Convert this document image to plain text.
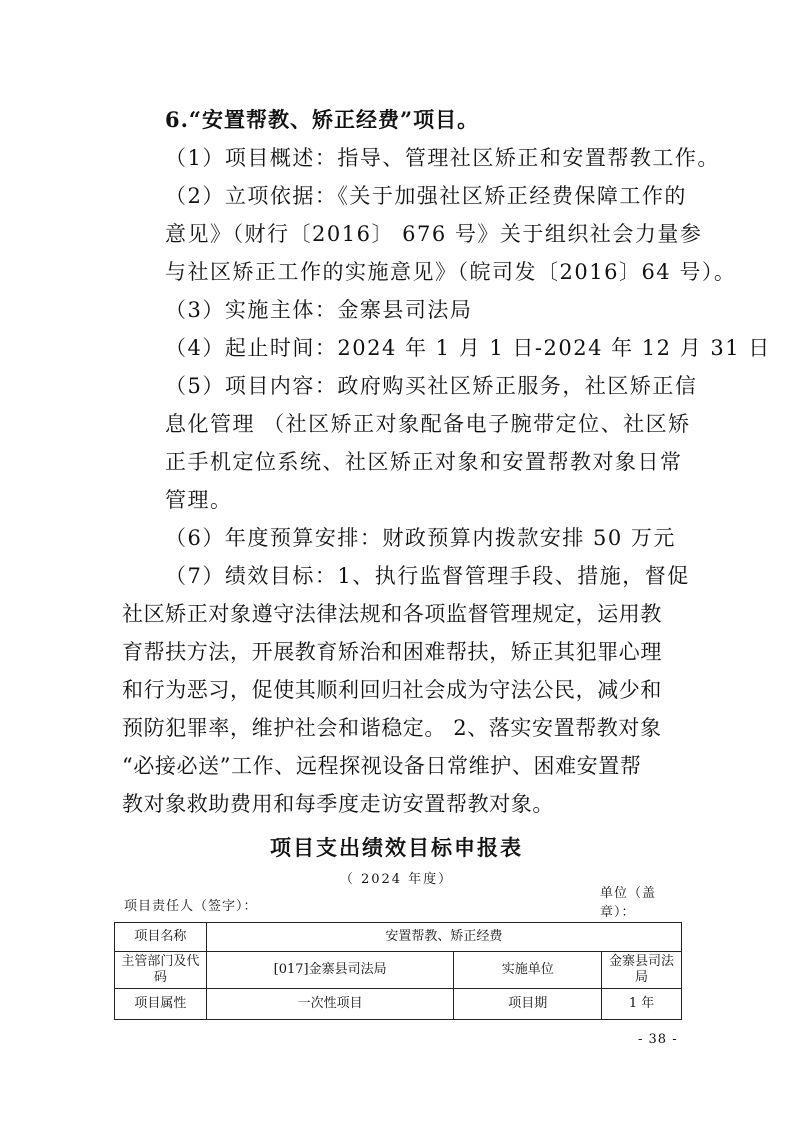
6.“安置帮教、矫正经费”项目。
（1）项目概述：指导、管理社区矫正和安置帮教工作。
（2）立项依据：《关于加强社区矫正经费保障工作的
意见》（财行〔2016〕 676 号》关于组织社会力量参
与社区矫正工作的实施意见》（皖司发〔2016〕64 号）。
（3）实施主体：金寨县司法局
（4）起止时间：2024 年 1 月 1 日-2024 年 12 月 31 日
（5）项目内容：政府购买社区矫正服务，社区矫正信
息化管理 （社区矫正对象配备电子腕带定位、社区矫
正手机定位系统、社区矫正对象和安置帮教对象日常
管理。
（6）年度预算安排：财政预算内拨款安排 50 万元
（7）绩效目标：1、执行监督管理手段、措施，督促
社区矫正对象遵守法律法规和各项监督管理规定，运用教
育帮扶方法，开展教育矫治和困难帮扶，矫正其犯罪心理
和行为恶习，促使其顺利回归社会成为守法公民，减少和
预防犯罪率，维护社会和谐稳定。 2、落实安置帮教对象
“必接必送”工作、远程探视设备日常维护、困难安置帮
教对象救助费用和每季度走访安置帮教对象。
项目支出绩效目标申报表
（ 2024 年度）
项目责任人（签字）：
单位（盖章）：
项目名称	安置帮教、矫正经费		
主管部门及代码	[017]金寨县司法局	实施单位	金寨县司法局
项目属性	一次性项目	项目期	1 年
- 38 -
